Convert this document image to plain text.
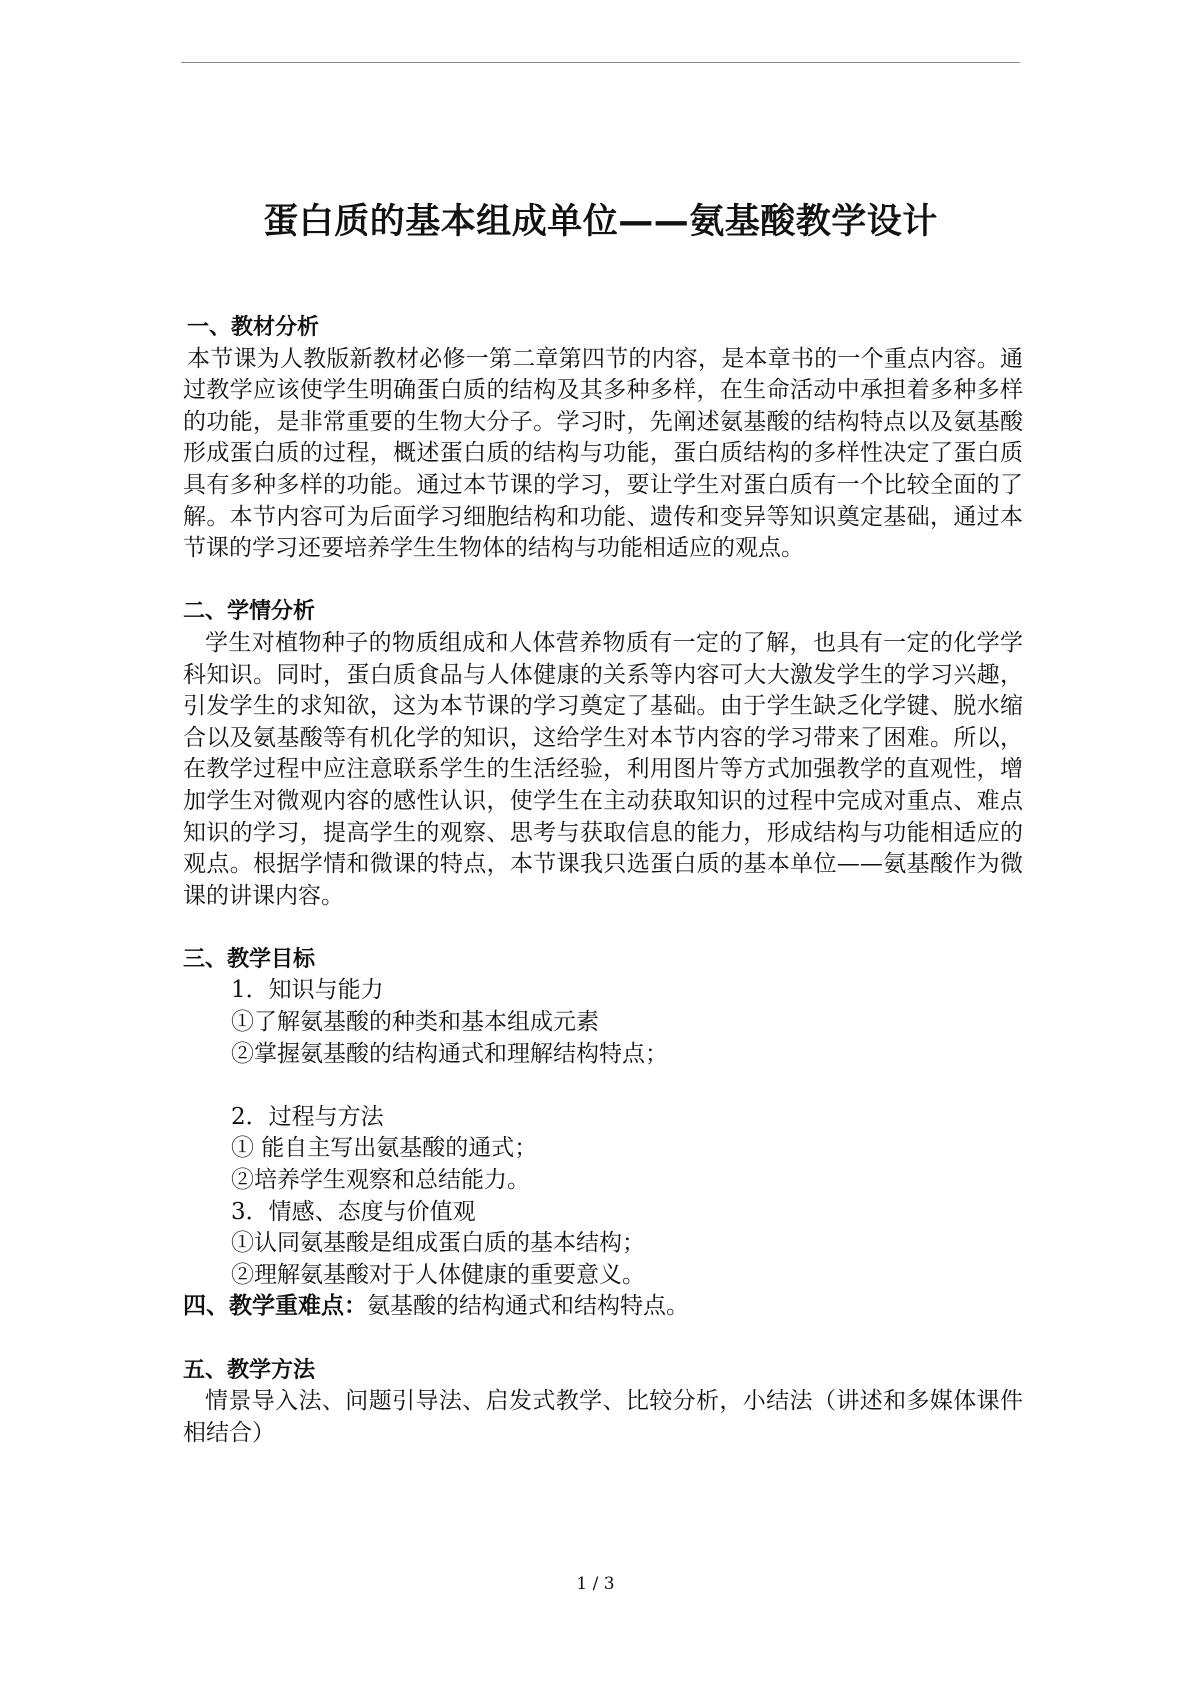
蛋白质的基本组成单位——氨基酸教学设计

一、教材分析

本节课为人教版新教材必修一第二章第四节的内容，是本章书的一个重点内容。通过教学应该使学生明确蛋白质的结构及其多种多样，在生命活动中承担着多种多样的功能，是非常重要的生物大分子。学习时，先阐述氨基酸的结构特点以及氨基酸形成蛋白质的过程，概述蛋白质的结构与功能，蛋白质结构的多样性决定了蛋白质具有多种多样的功能。通过本节课的学习，要让学生对蛋白质有一个比较全面的了解。本节内容可为后面学习细胞结构和功能、遗传和变异等知识奠定基础，通过本节课的学习还要培养学生生物体的结构与功能相适应的观点。

二、学情分析

学生对植物种子的物质组成和人体营养物质有一定的了解，也具有一定的化学学科知识。同时，蛋白质食品与人体健康的关系等内容可大大激发学生的学习兴趣，引发学生的求知欲，这为本节课的学习奠定了基础。由于学生缺乏化学键、脱水缩合以及氨基酸等有机化学的知识，这给学生对本节内容的学习带来了困难。所以，在教学过程中应注意联系学生的生活经验，利用图片等方式加强教学的直观性，增加学生对微观内容的感性认识，使学生在主动获取知识的过程中完成对重点、难点知识的学习，提高学生的观察、思考与获取信息的能力，形成结构与功能相适应的观点。根据学情和微课的特点，本节课我只选蛋白质的基本单位——氨基酸作为微课的讲课内容。

三、教学目标

1．知识与能力

①了解氨基酸的种类和基本组成元素

②掌握氨基酸的结构通式和理解结构特点；

2．过程与方法

① 能自主写出氨基酸的通式；

②培养学生观察和总结能力。

3．情感、态度与价值观

①认同氨基酸是组成蛋白质的基本结构；

②理解氨基酸对于人体健康的重要意义。

四、教学重难点：氨基酸的结构通式和结构特点。

五、教学方法

情景导入法、问题引导法、启发式教学、比较分析，小结法（讲述和多媒体课件相结合）

1 / 3
